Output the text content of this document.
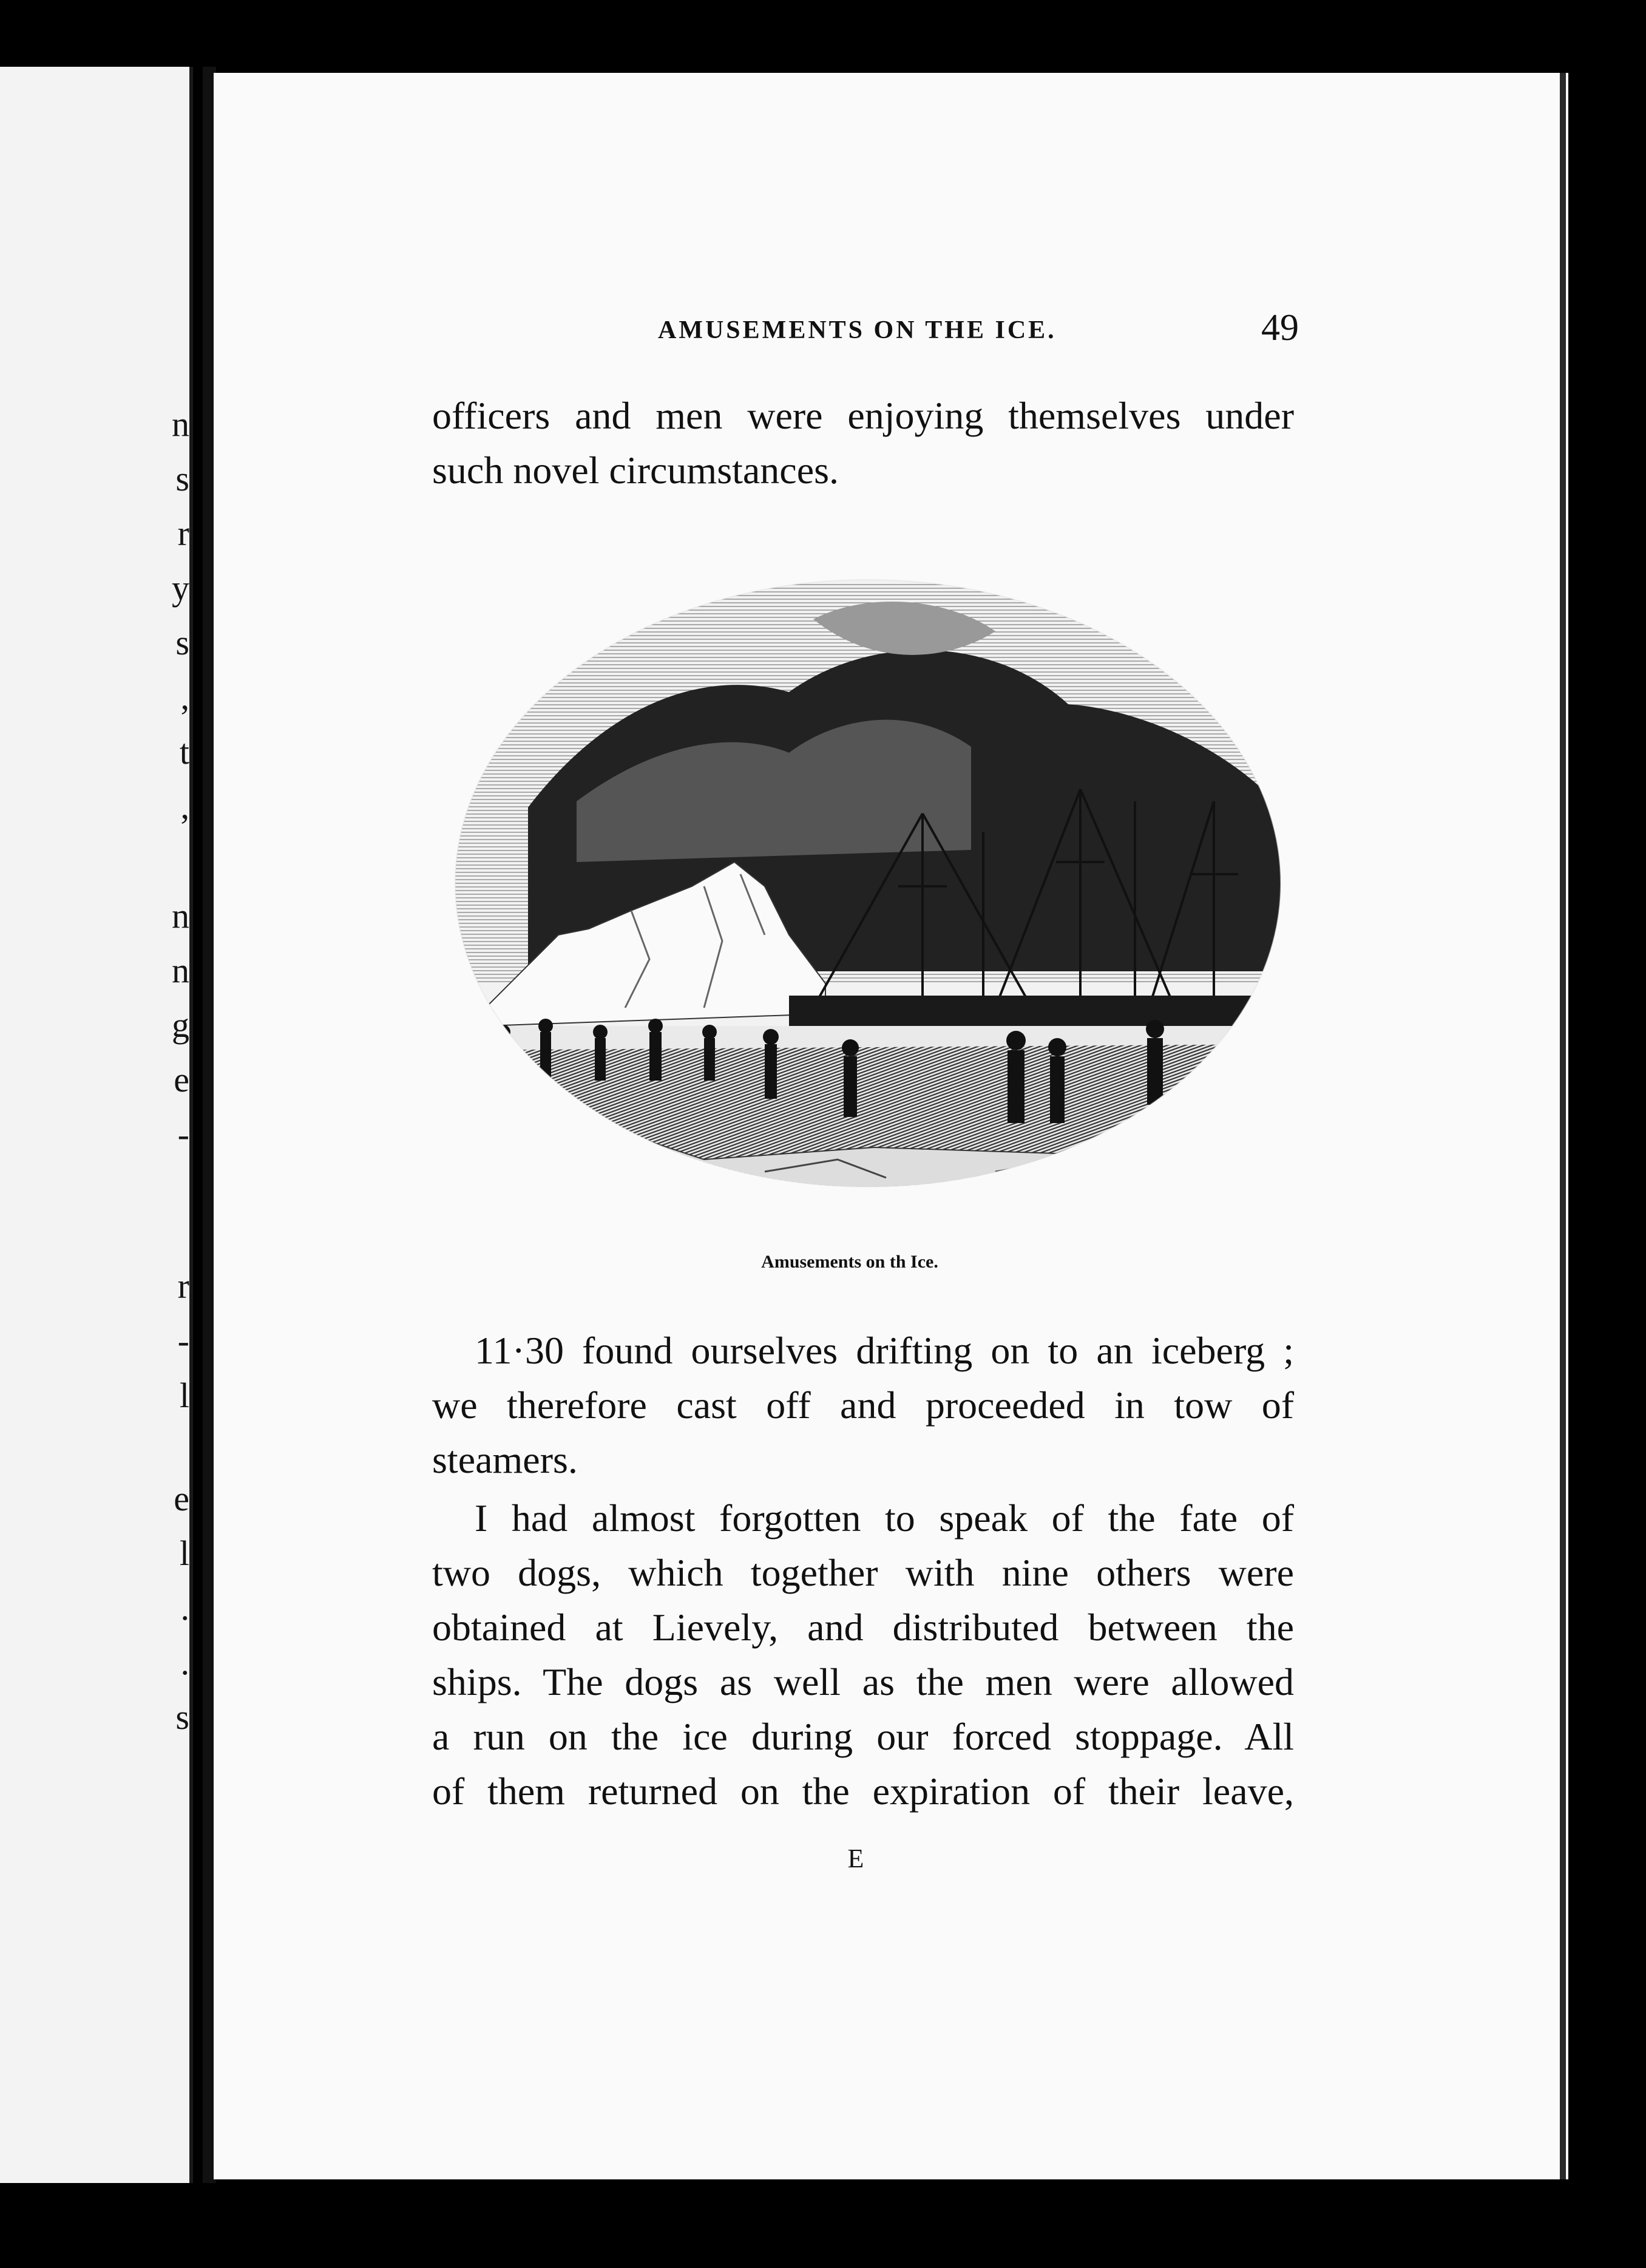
n
s
r
y
s
,
t
,
n
n
g
e
-
r
-
l
e
l
.
.
s
AMUSEMENTS ON THE ICE.	49
officers and men were enjoying themselves under
such novel circumstances.
Amusements on th Ice.
11·30 found ourselves drifting on to an iceberg ;
we therefore cast off and proceeded in tow of
steamers.
I had almost forgotten to speak of the fate of
two dogs, which together with nine others were
obtained at Lievely, and distributed between the
ships. The dogs as well as the men were allowed
a run on the ice during our forced stoppage. All
of them returned on the expiration of their leave,
E
